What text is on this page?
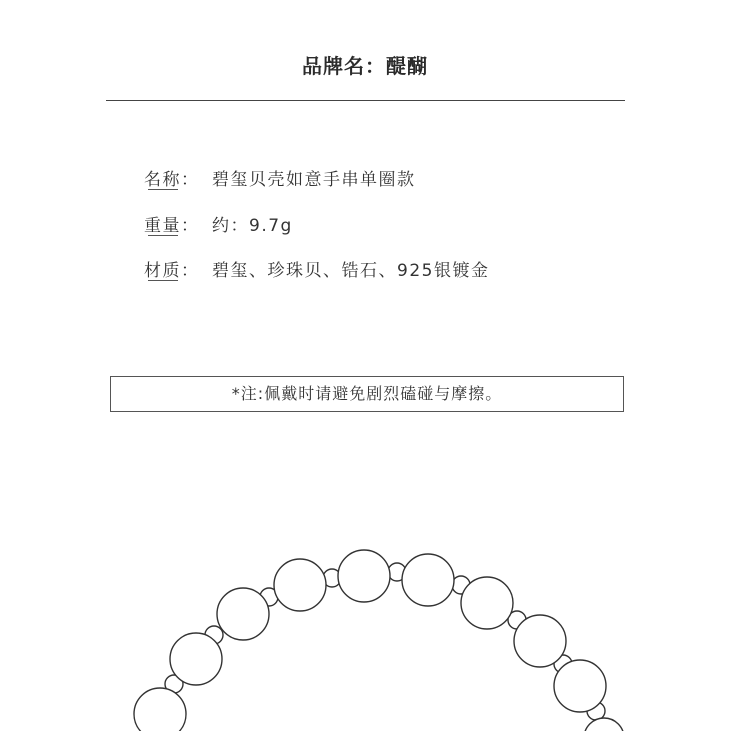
品牌名：醍醐
名称： 碧玺贝壳如意手串单圈款
重量： 约：9.7g
材质： 碧玺、珍珠贝、锆石、925银镀金
*注:佩戴时请避免剧烈磕碰与摩擦。
